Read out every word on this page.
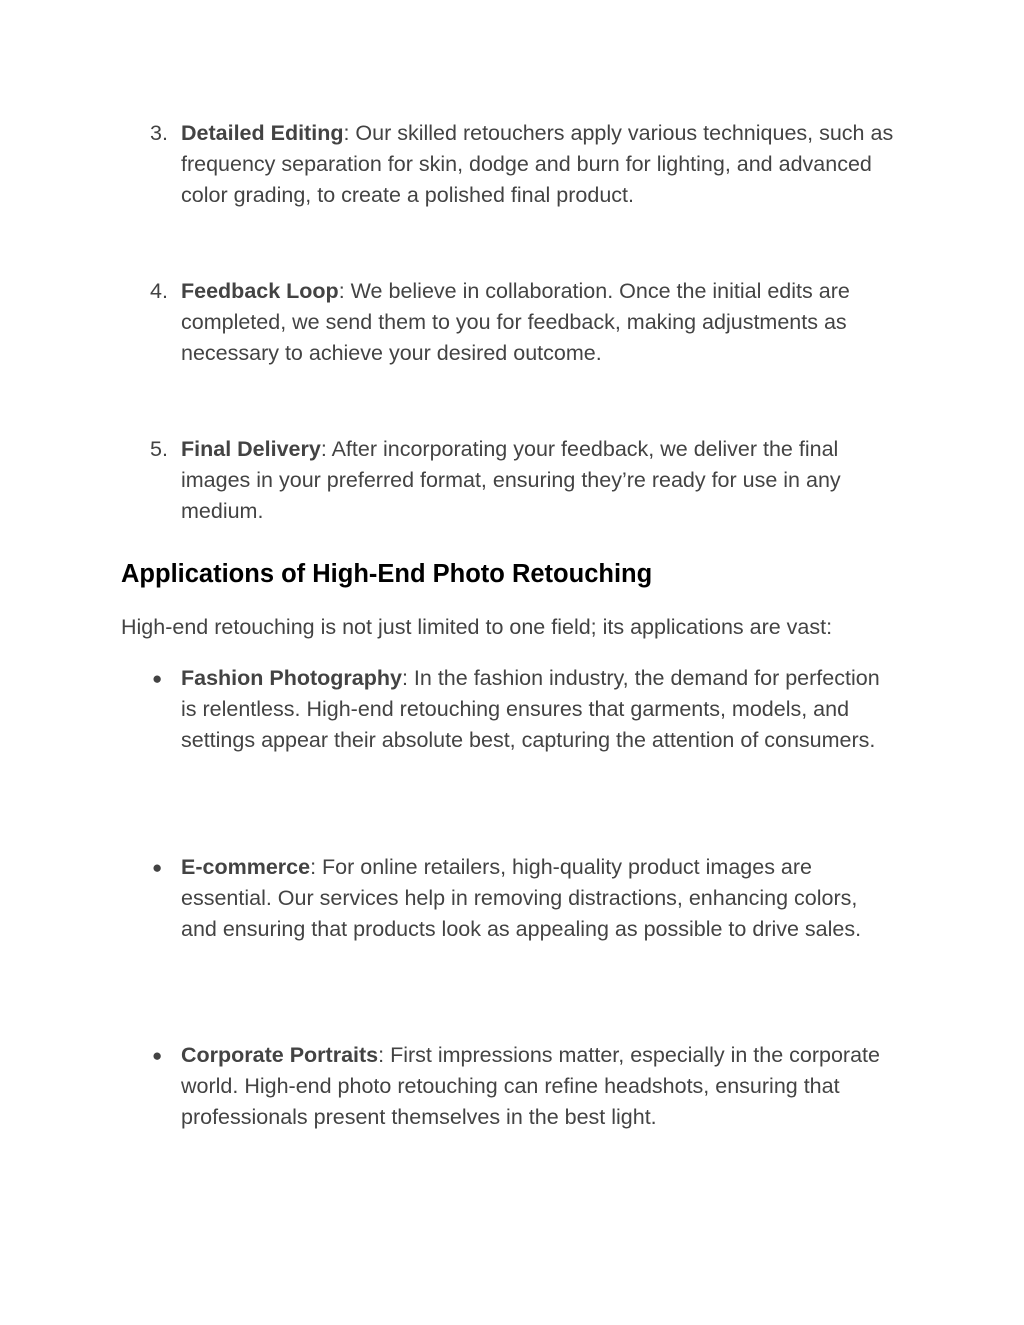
3. Detailed Editing: Our skilled retouchers apply various techniques, such as frequency separation for skin, dodge and burn for lighting, and advanced color grading, to create a polished final product.
4. Feedback Loop: We believe in collaboration. Once the initial edits are completed, we send them to you for feedback, making adjustments as necessary to achieve your desired outcome.
5. Final Delivery: After incorporating your feedback, we deliver the final images in your preferred format, ensuring they’re ready for use in any medium.
Applications of High-End Photo Retouching
High-end retouching is not just limited to one field; its applications are vast:
● Fashion Photography: In the fashion industry, the demand for perfection is relentless. High-end retouching ensures that garments, models, and settings appear their absolute best, capturing the attention of consumers.
● E-commerce: For online retailers, high-quality product images are essential. Our services help in removing distractions, enhancing colors, and ensuring that products look as appealing as possible to drive sales.
● Corporate Portraits: First impressions matter, especially in the corporate world. High-end photo retouching can refine headshots, ensuring that professionals present themselves in the best light.
